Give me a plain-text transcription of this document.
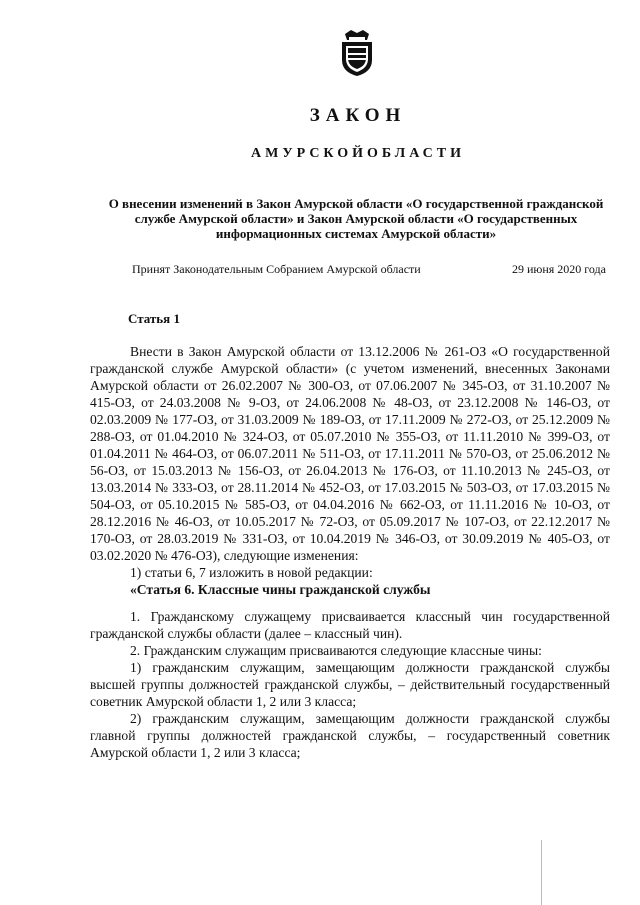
ЗАКОН
АМУРСКОЙОБЛАСТИ
О внесении изменений в Закон Амурской области «О государственной гражданской службе Амурской области» и Закон Амурской области «О государственных информационных системах Амурской области»
Принят Законодательным Собранием Амурской области	29 июня 2020 года
Статья 1

Внести в Закон Амурской области от 13.12.2006 № 261-ОЗ «О государственной гражданской службе Амурской области» (с учетом изменений, внесенных Законами Амурской области от 26.02.2007 № 300-ОЗ, от 07.06.2007 № 345-ОЗ, от 31.10.2007 № 415-ОЗ, от 24.03.2008 № 9-ОЗ, от 24.06.2008 № 48-ОЗ, от 23.12.2008 № 146-ОЗ, от 02.03.2009 № 177-ОЗ, от 31.03.2009 № 189-ОЗ, от 17.11.2009 № 272-ОЗ, от 25.12.2009 № 288-ОЗ, от 01.04.2010 № 324-ОЗ, от 05.07.2010 № 355-ОЗ, от 11.11.2010 № 399-ОЗ, от 01.04.2011 № 464-ОЗ, от 06.07.2011 № 511-ОЗ, от 17.11.2011 № 570-ОЗ, от 25.06.2012 № 56-ОЗ, от 15.03.2013 № 156-ОЗ, от 26.04.2013 № 176-ОЗ, от 11.10.2013 № 245-ОЗ, от 13.03.2014 № 333-ОЗ, от 28.11.2014 № 452-ОЗ, от 17.03.2015 № 503-ОЗ, от 17.03.2015 № 504-ОЗ, от 05.10.2015 № 585-ОЗ, от 04.04.2016 № 662-ОЗ, от 11.11.2016 № 10-ОЗ, от 28.12.2016 № 46-ОЗ, от 10.05.2017 № 72-ОЗ, от 05.09.2017 № 107-ОЗ, от 22.12.2017 № 170-ОЗ, от 28.03.2019 № 331-ОЗ, от 10.04.2019 № 346-ОЗ, от 30.09.2019 № 405-ОЗ, от 03.02.2020 № 476-ОЗ), следующие изменения:

1) статьи 6, 7 изложить в новой редакции:

«Статья 6. Классные чины гражданской службы

1. Гражданскому служащему присваивается классный чин государственной гражданской службы области (далее – классный чин).

2. Гражданским служащим присваиваются следующие классные чины:

1) гражданским служащим, замещающим должности гражданской службы высшей группы должностей гражданской службы, – действительный государственный советник Амурской области 1, 2 или 3 класса;

2) гражданским служащим, замещающим должности гражданской службы главной группы должностей гражданской службы, – государственный советник Амурской области 1, 2 или 3 класса;
